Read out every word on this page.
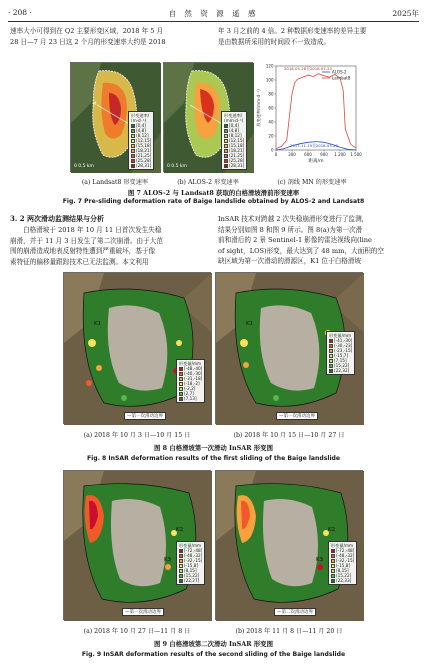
· 208 ·	自 然 资 源 遥 感	2025年
速率大小可得到在 Q2 主要形变区域，2018 年 5 月
28 日—7 月 23 日这 2 个月的形变速率大约是 2018
年 3 月之前的 4 倍。2 种数据形变速率的差异主要
是由数据所采用的时间段不一致造成。
M
形变速率/
(m·d⁻¹)
[0,4]
(4,8]
(8,12]
(12,15]
(15,18]
(18,21]
(21,25]
(25,28]
(28,31]
0 0.5 km
形变速率/
(mm·d⁻¹)
[0,4]
(4,8]
(8,12]
(12,15]
(15,18]
(18,21]
(21,25]
(25,28]
(28,31]
0 0.5 km
0
20
40
60
80
100
120
0	300 600 900 1 200 1 500
ALOS-2
Landsat8
2018-05-28至2018-07-23
2017-11-19至2018-03-20
距离/m
形变速率/(mm·d⁻¹)
(a) Landsat8 形变速率	(b) ALOS-2 形变速率	(c) 剖线 MN 的形变速率
图 7 ALOS-2 与 Landsat8 获取的白格滑坡滑前形变速率
Fig. 7 Pre-sliding deformation rate of Baige landslide obtained by ALOS-2 and Landsat8
3. 2 两次滑动监测结果与分析
白格滑坡于 2018 年 10 月 11 日首次发生失稳
崩滑，并于 11 月 3 日发生了第二次崩滑。由于大范
围的崩滑造成地表反射特性遭到严重破坏，基于像
素特征的偏移量跟踪技术已无法监测。本文利用
InSAR 技术对跨越 2 次失稳崩滑形变进行了监测，
结果分别如图 8 和图 9 所示。图 8(a)为第一次滑
前和滑后的 2 景 Sentinel-1 影像的雷达视线向(line
of sight，LOS)形变，最大达到了 48 mm，大面积的空
缺区域为第一次滑动的滑源区，K1 位于白格滑坡
K1
形变量/mm
[-48,-40]
(-40,-30]
(-31,-18]
(-18,-2]
(-2,2]
(2,7]
(7,13]
—第一次滑动边界
K1
形变量/mm
[-41,-30]
(-30,-23]
(-23,-15]
(-15,7]
(7,15]
(15,22]
(22,32]
—第一次滑动边界
(a) 2018 年 10 月 3 日—10 月 15 日	(b) 2018 年 10 月 15 日—10 月 27 日
图 8 白格滑坡第一次滑动 InSAR 形变图
Fig. 8 InSAR deformation results of the first sliding of the Baige landslide
K2
K3
形变量/mm
[-72,-48]
(-48,-32]
(-32,-15]
(-15,8]
(8,15]
(15,22]
(22,27]
—第一次滑动边界
K2
K3
形变量/mm
[-72,-48]
(-48,-32]
(-32,-15]
(-15,8]
(8,15]
(15,22]
(22,33]
—第二次滑动边界
(a) 2018 年 10 月 27 日—11 月 8 日	(b) 2018 年 11 月 8 日—11 月 20 日
图 9 白格滑坡第二次滑动 InSAR 形变图
Fig. 9 InSAR deformation results of the second sliding of the Baige landslide
